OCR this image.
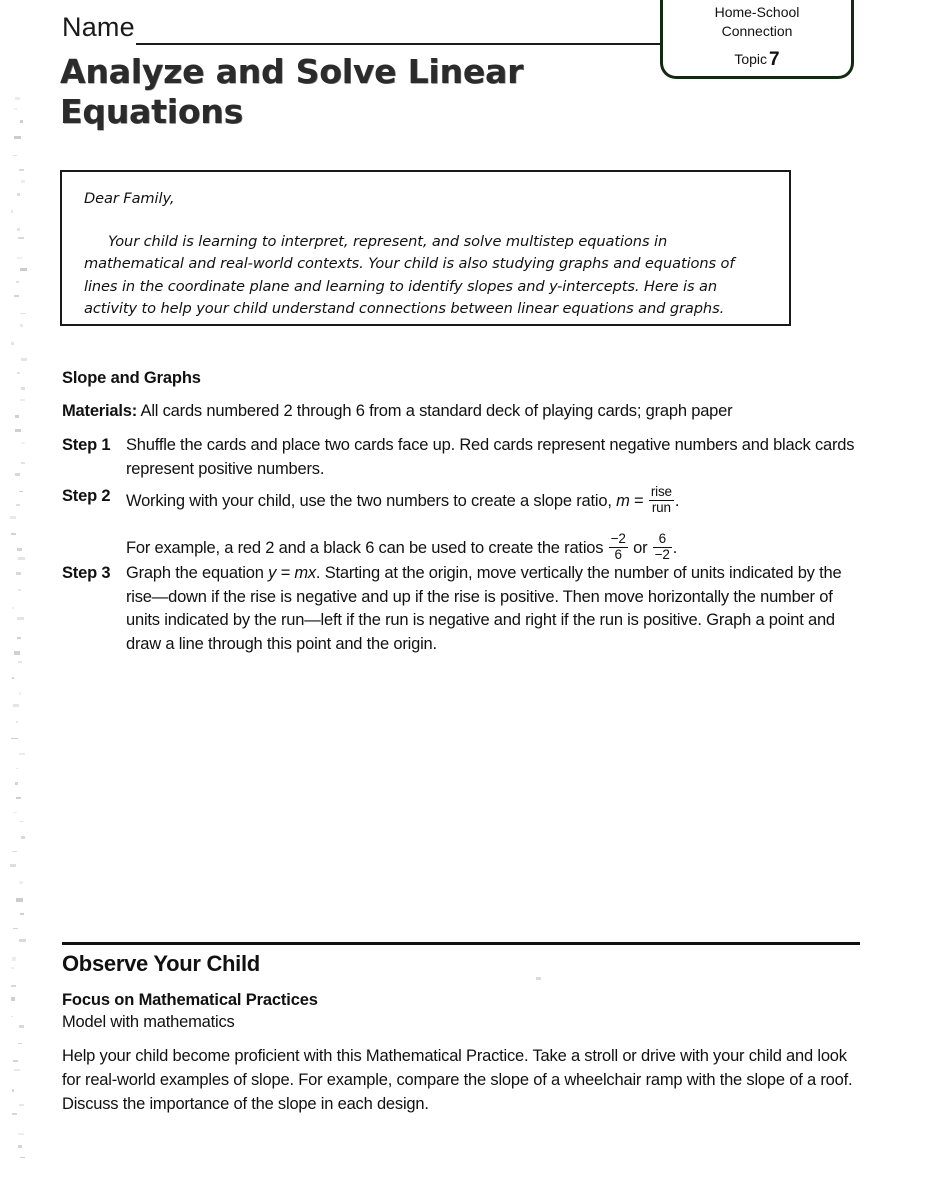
Name
Analyze and Solve Linear Equations
Home-School
Connection
Topic 7

Dear Family,

Your child is learning to interpret, represent, and solve multistep equations in mathematical and real-world contexts. Your child is also studying graphs and equations of lines in the coordinate plane and learning to identify slopes and y-intercepts. Here is an activity to help your child understand connections between linear equations and graphs.

Slope and Graphs
Materials: All cards numbered 2 through 6 from a standard deck of playing cards; graph paper
Step 1 Shuffle the cards and place two cards face up. Red cards represent negative numbers and black cards represent positive numbers.
Step 2 Working with your child, use the two numbers to create a slope ratio, $m = \frac{\text{rise}}{\text{run}}$ .
For example, a red 2 and a black 6 can be used to create the ratios $\frac{-2}{6}$ or $\frac{6}{-2}$ .
Step 3 Graph the equation y = mx. Starting at the origin, move vertically the number of units indicated by the rise—down if the rise is negative and up if the rise is positive. Then move horizontally the number of units indicated by the run—left if the run is negative and right if the run is positive. Graph a point and draw a line through this point and the origin.
Observe Your Child
Focus on Mathematical Practices
Model with mathematics
Help your child become proficient with this Mathematical Practice. Take a stroll or drive with your child and look for real-world examples of slope. For example, compare the slope of a wheelchair ramp with the slope of a roof. Discuss the importance of the slope in each design.
